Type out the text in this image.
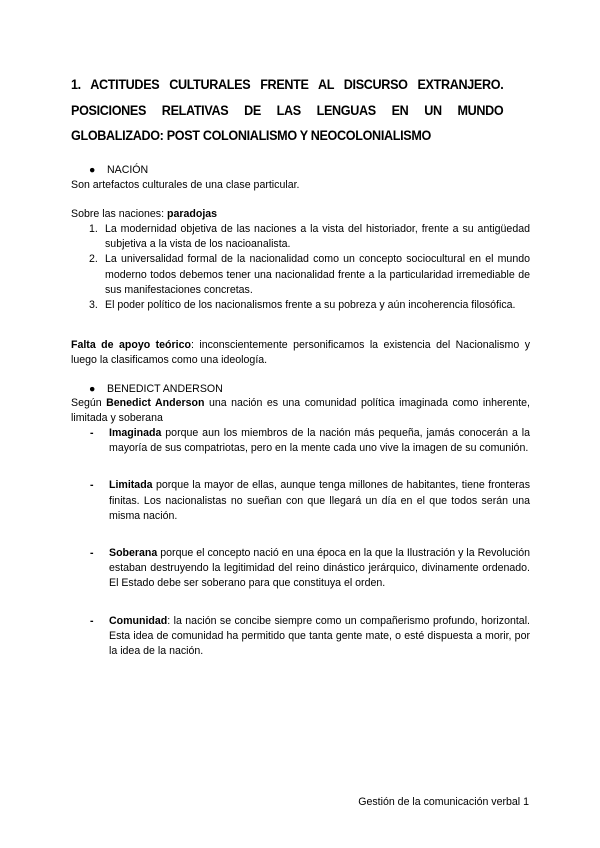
1. ACTITUDES CULTURALES FRENTE AL DISCURSO EXTRANJERO. POSICIONES RELATIVAS DE LAS LENGUAS EN UN MUNDO GLOBALIZADO: POST COLONIALISMO Y NEOCOLONIALISMO

● NACIÓN

Son artefactos culturales de una clase particular.

Sobre las naciones: paradojas

1. La modernidad objetiva de las naciones a la vista del historiador, frente a su antigüedad subjetiva a la vista de los nacioanalista.
2. La universalidad formal de la nacionalidad como un concepto sociocultural en el mundo moderno todos debemos tener una nacionalidad frente a la particularidad irremediable de sus manifestaciones concretas.
3. El poder político de los nacionalismos frente a su pobreza y aún incoherencia filosófica.

Falta de apoyo teórico: inconscientemente personificamos la existencia del Nacionalismo y luego la clasificamos como una ideología.

● BENEDICT ANDERSON

Según Benedict Anderson una nación es una comunidad política imaginada como inherente, limitada y soberana

- Imaginada porque aun los miembros de la nación más pequeña, jamás conocerán a la mayoría de sus compatriotas, pero en la mente cada uno vive la imagen de su comunión.
- Limitada porque la mayor de ellas, aunque tenga millones de habitantes, tiene fronteras finitas. Los nacionalistas no sueñan con que llegará un día en el que todos serán una misma nación.
- Soberana porque el concepto nació en una época en la que la Ilustración y la Revolución estaban destruyendo la legitimidad del reino dinástico jerárquico, divinamente ordenado. El Estado debe ser soberano para que constituya el orden.
- Comunidad: la nación se concibe siempre como un compañerismo profundo, horizontal. Esta idea de comunidad ha permitido que tanta gente mate, o esté dispuesta a morir, por la idea de la nación.

Gestión de la comunicación verbal 1
